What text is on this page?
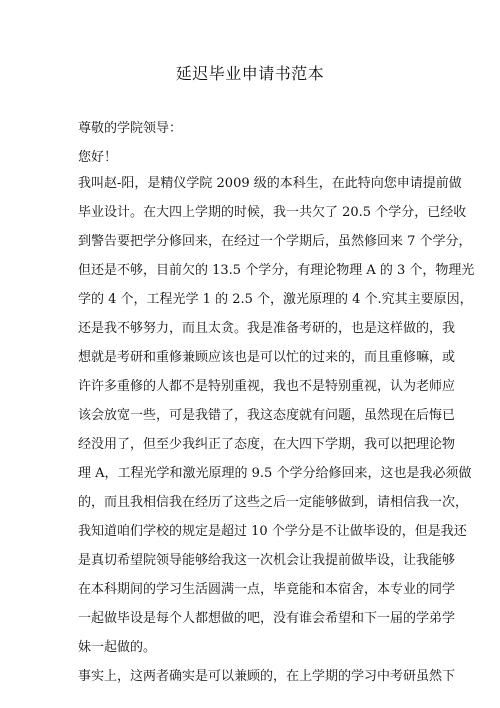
延迟毕业申请书范本
尊敬的学院领导：
您好！
我叫赵-阳，是精仪学院 2009 级的本科生，在此特向您申请提前做
毕业设计。在大四上学期的时候，我一共欠了 20.5 个学分，已经收
到警告要把学分修回来，在经过一个学期后，虽然修回来 7 个学分，
但还是不够，目前欠的 13.5 个学分，有理论物理 A 的 3 个，物理光
学的 4 个，工程光学 1 的 2.5 个，激光原理的 4 个.究其主要原因，
还是我不够努力，而且太贪。我是准备考研的，也是这样做的，我
想就是考研和重修兼顾应该也是可以忙的过来的，而且重修嘛，或
许许多重修的人都不是特别重视，我也不是特别重视，认为老师应
该会放宽一些，可是我错了，我这态度就有问题，虽然现在后悔已
经没用了，但至少我纠正了态度，在大四下学期，我可以把理论物
理 A，工程光学和激光原理的 9.5 个学分给修回来，这也是我必须做
的，而且我相信我在经历了这些之后一定能够做到，请相信我一次，
我知道咱们学校的规定是超过 10 个学分是不让做毕设的，但是我还
是真切希望院领导能够给我这一次机会让我提前做毕设，让我能够
在本科期间的学习生活圆满一点，毕竟能和本宿舍，本专业的同学
一起做毕设是每个人都想做的吧，没有谁会希望和下一届的学弟学
妹一起做的。
事实上，这两者确实是可以兼顾的，在上学期的学习中考研虽然下
